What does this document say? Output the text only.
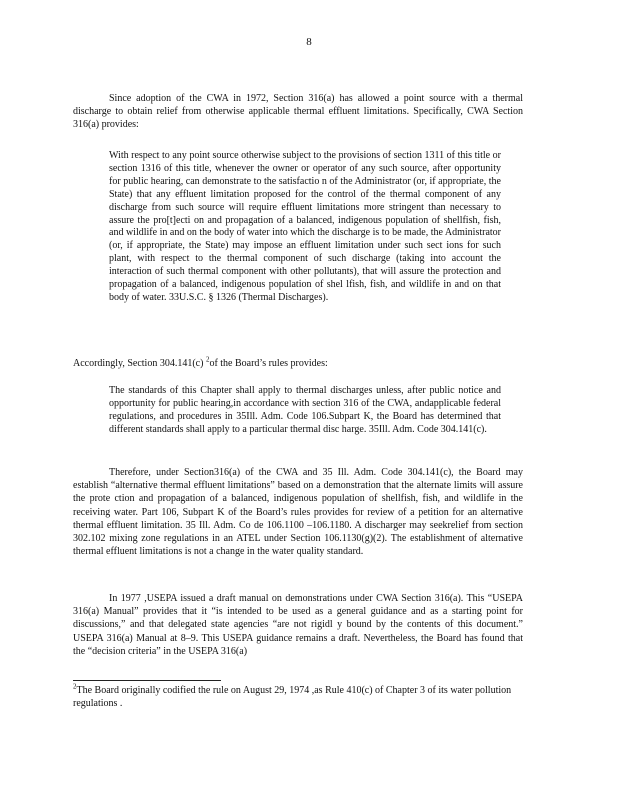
8

Since adoption of the CWA in 1972, Section 316(a) has allowed a point source with a thermal discharge to obtain relief from otherwise applicable thermal effluent limitations. Specifically, CWA Section 316(a) provides:

With respect to any point source otherwise subject to the provisions of section 1311 of this title or section 1316 of this title, whenever the owner or operator of any such source, after opportunity for public hearing, can demonstrate to the satisfactio n of the Administrator (or, if appropriate, the State) that any effluent limitation proposed for the control of the thermal component of any discharge from such source will require effluent limitations more stringent than necessary to assure the pro[t]ecti on and propagation of a balanced, indigenous population of shellfish, fish, and wildlife in and on the body of water into which the discharge is to be made, the Administrator (or, if appropriate, the State) may impose an effluent limitation under such sect ions for such plant, with respect to the thermal component of such discharge (taking into account the interaction of such thermal component with other pollutants), that will assure the protection and propagation of a balanced, indigenous population of shel lfish, fish, and wildlife in and on that body of water. 33U.S.C. § 1326 (Thermal Discharges).

Accordingly, Section 304.141(c) $^2$of the Board’s rules provides:

The standards of this Chapter shall apply to thermal discharges unless, after public notice and opportunity for public hearing,in accordance with section 316 of the CWA, andapplicable federal regulations, and procedures in 35Ill. Adm. Code 106.Subpart K, the Board has determined that different standards shall apply to a particular thermal disc harge. 35Ill. Adm. Code 304.141(c).

Therefore, under Section316(a) of the CWA and 35 Ill. Adm. Code 304.141(c), the Board may establish “alternative thermal effluent limitations” based on a demonstration that the alternate limits will assure the prote ction and propagation of a balanced, indigenous population of shellfish, fish, and wildlife in the receiving water. Part 106, Subpart K of the Board’s rules provides for review of a petition for an alternative thermal effluent limitation. 35 Ill. Adm. Co de 106.1100 –106.1180. A discharger may seekrelief from section 302.102 mixing zone regulations in an ATEL under Section 106.1130(g)(2). The establishment of alternative thermal effluent limitations is not a change in the water quality standard.

In 1977 ,USEPA issued a draft manual on demonstrations under CWA Section 316(a). This “USEPA 316(a) Manual” provides that it “is intended to be used as a general guidance and as a starting point for discussions,” and that delegated state agencies “are not rigidl y bound by the contents of this document.” USEPA 316(a) Manual at 8–9. This USEPA guidance remains a draft. Nevertheless, the Board has found that the “decision criteria” in the USEPA 316(a)

$^2$The Board originally codified the rule on August 29, 1974 ,as Rule 410(c) of Chapter 3 of its water pollution regulations .
